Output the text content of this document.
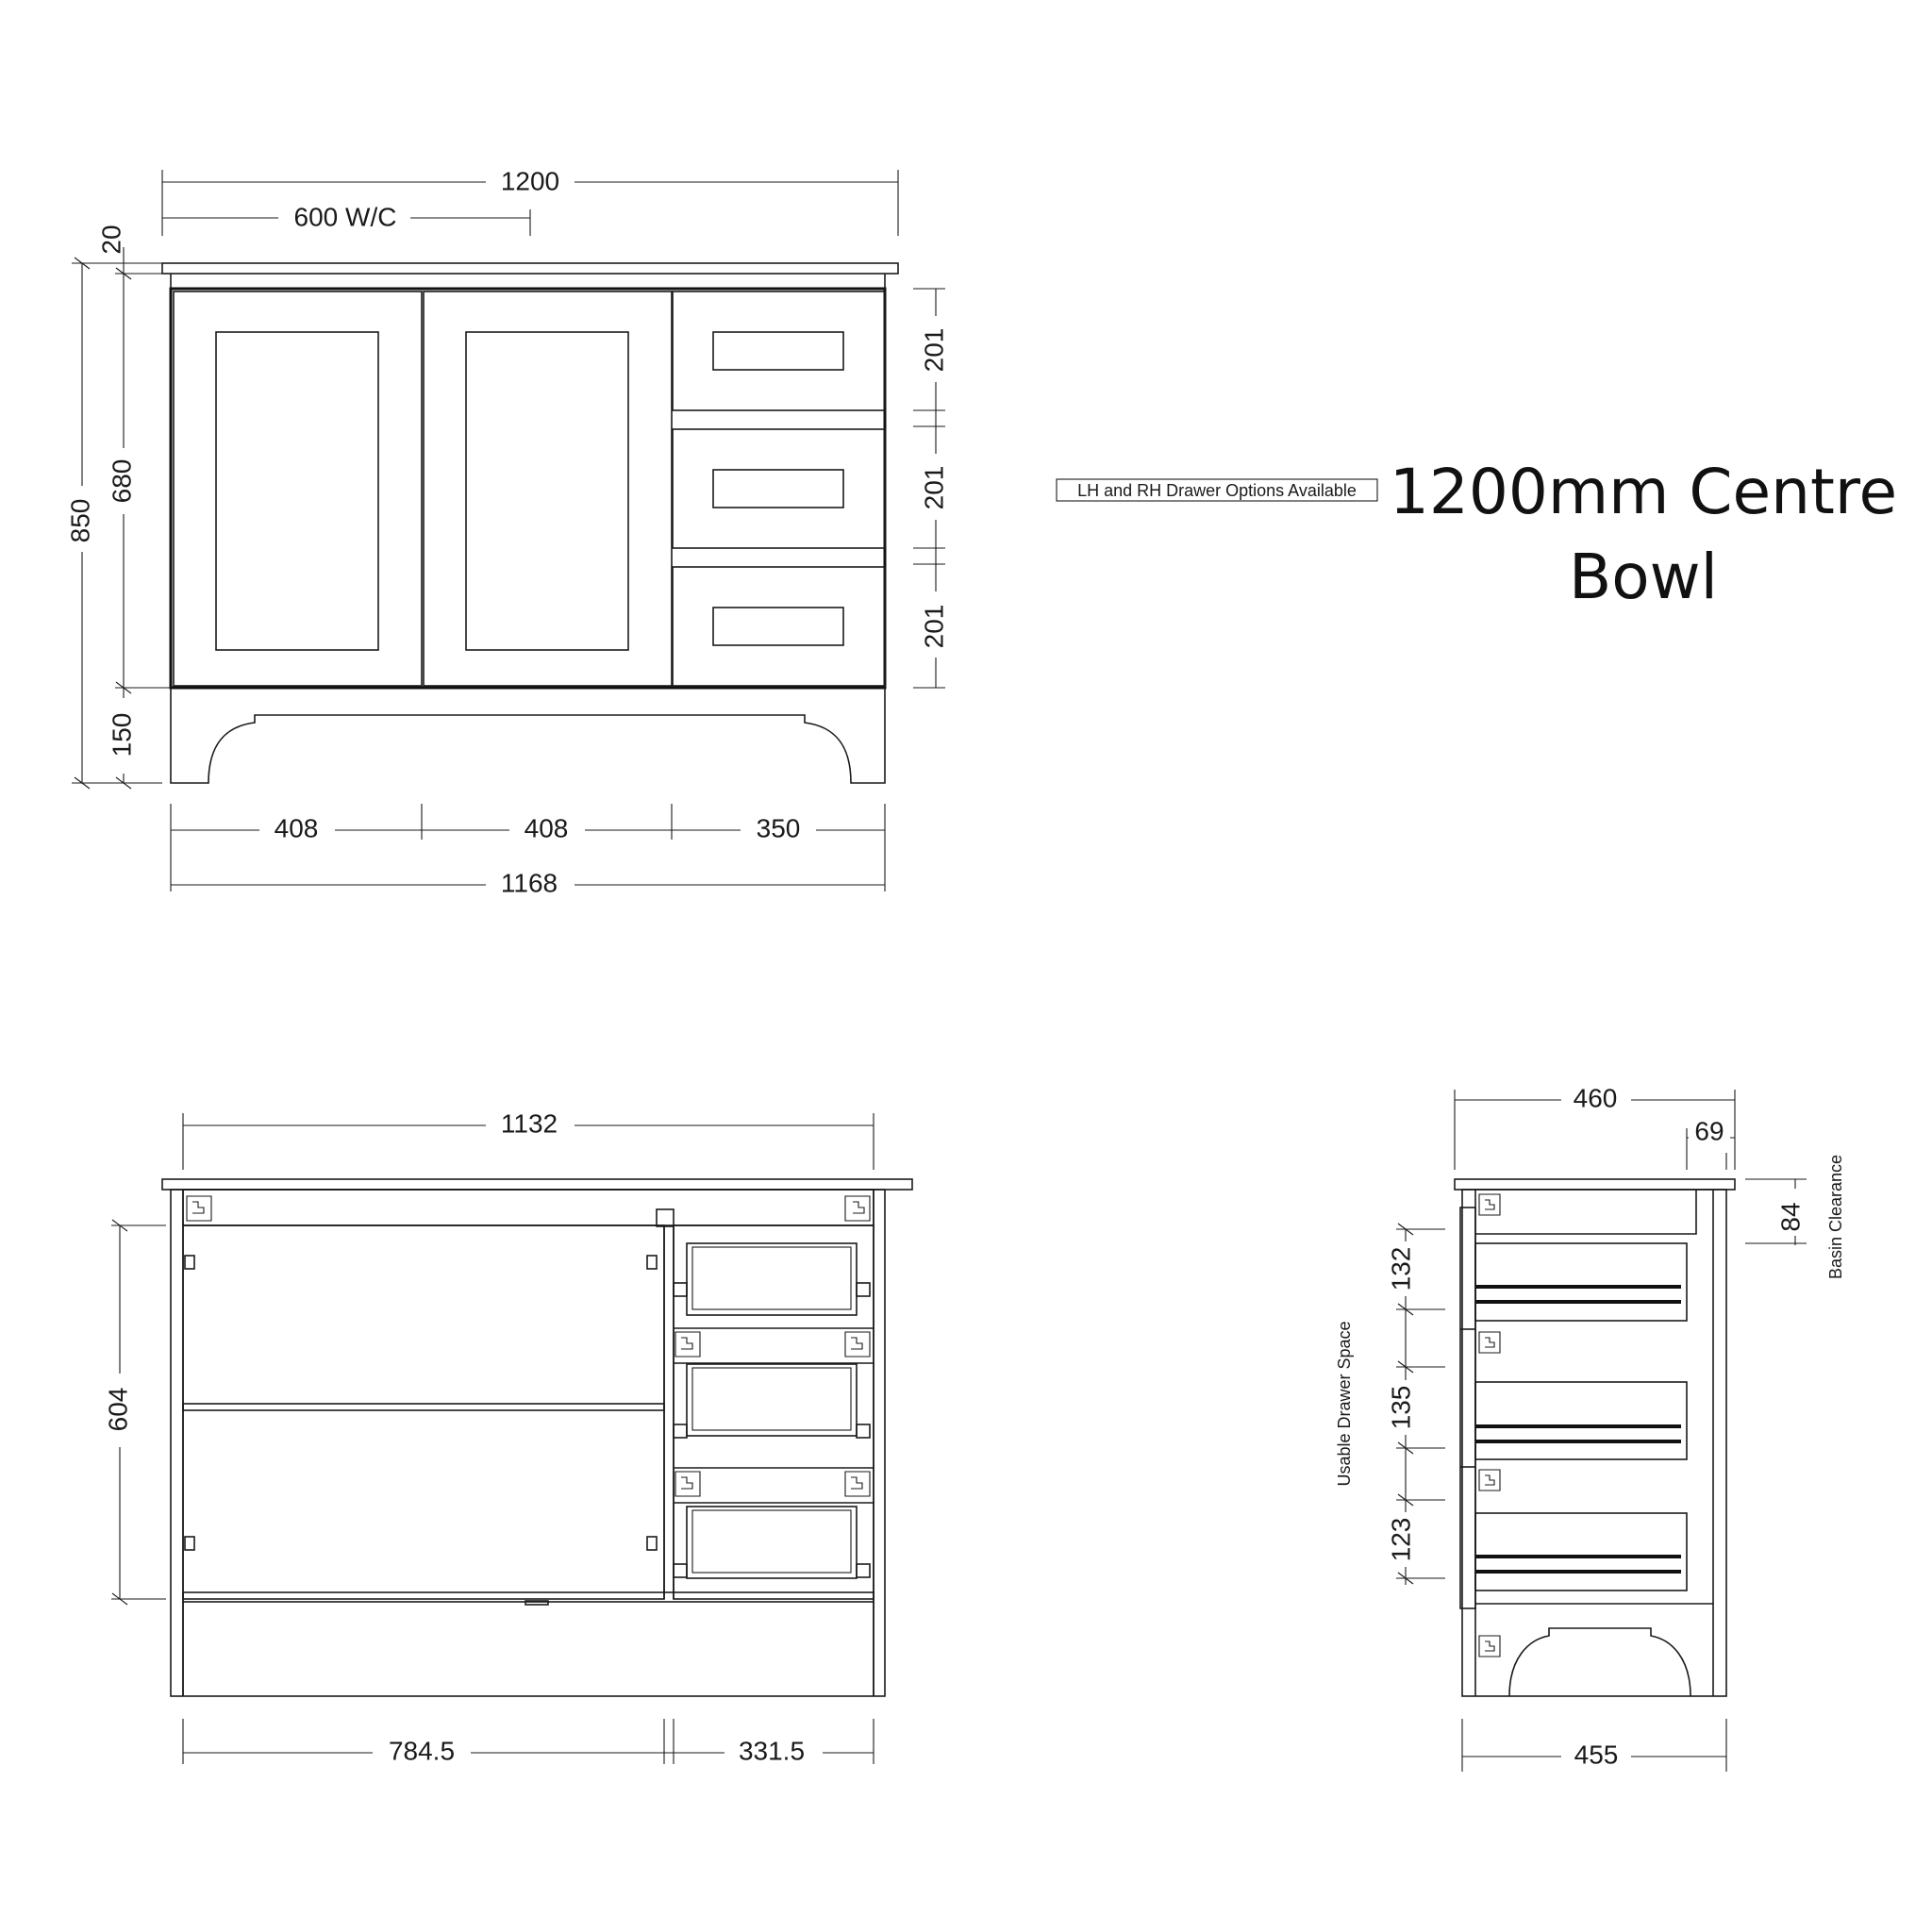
1200mm Centre
Bowl
LH and RH Drawer Options Available
1200
600 W/C
850
680
150
20
201
201
201
408	408	350
1168
1132
604
784.5	331.5
460
69
84 Basin Clearance
Usable Drawer Space
132
135
123
455
